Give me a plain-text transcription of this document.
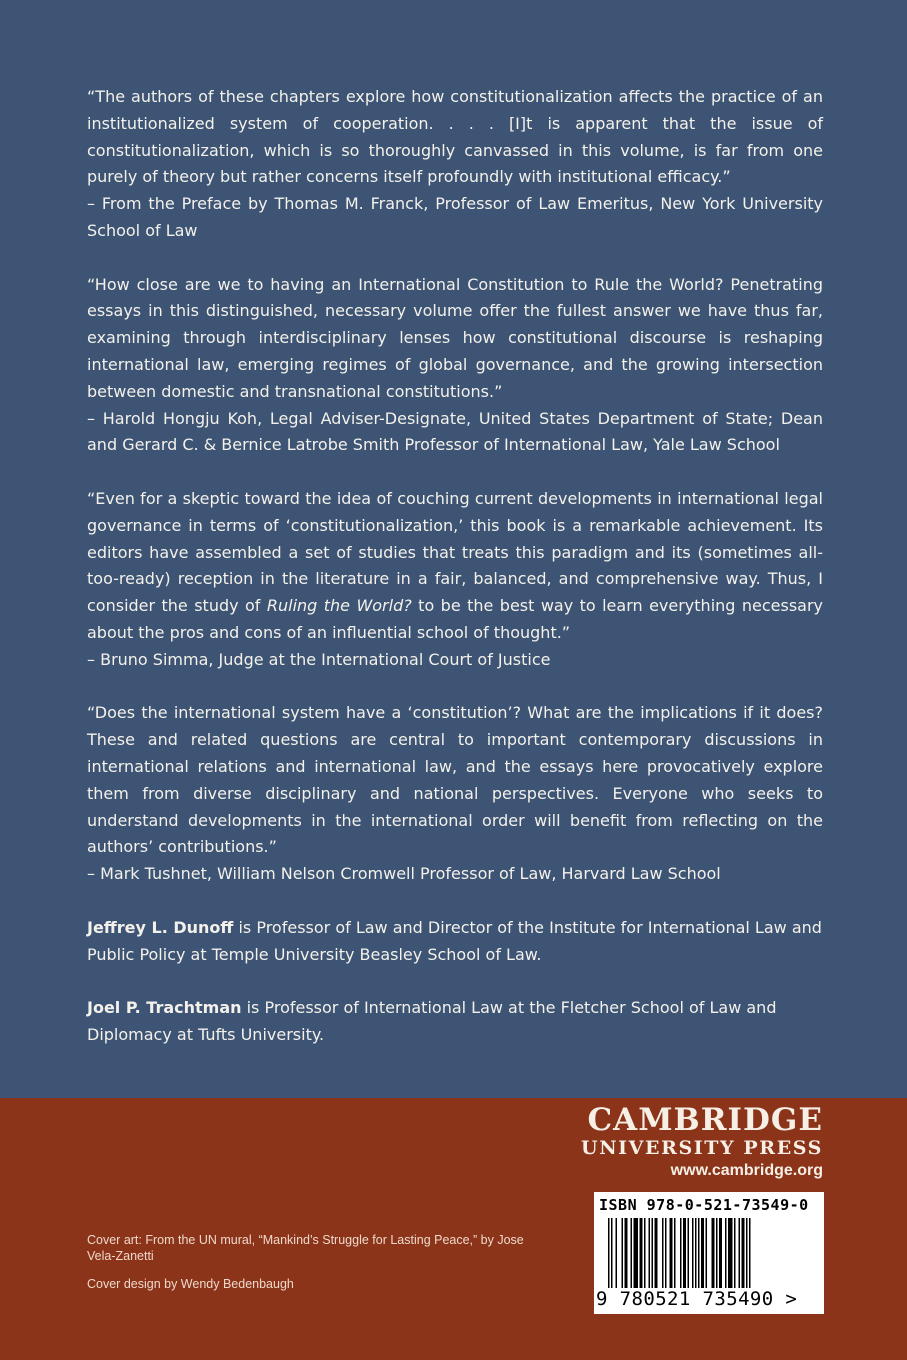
“The authors of these chapters explore how constitutionalization affects the practice of an institutionalized system of cooperation. . . . [I]t is apparent that the issue of constitutionalization, which is so thoroughly canvassed in this volume, is far from one purely of theory but rather concerns itself profoundly with institutional efficacy.”
– From the Preface by Thomas M. Franck, Professor of Law Emeritus, New York University School of Law

“How close are we to having an International Constitution to Rule the World? Penetrating essays in this distinguished, necessary volume offer the fullest answer we have thus far, examining through interdisciplinary lenses how constitutional discourse is reshaping international law, emerging regimes of global governance, and the growing intersection between domestic and transnational constitutions.”
– Harold Hongju Koh, Legal Adviser-Designate, United States Department of State; Dean and Gerard C. & Bernice Latrobe Smith Professor of International Law, Yale Law School

“Even for a skeptic toward the idea of couching current developments in international legal governance in terms of ‘constitutionalization,’ this book is a remarkable achievement. Its editors have assembled a set of studies that treats this paradigm and its (sometimes all-too-ready) reception in the literature in a fair, balanced, and comprehensive way. Thus, I consider the study of Ruling the World? to be the best way to learn everything necessary about the pros and cons of an influential school of thought.”
– Bruno Simma, Judge at the International Court of Justice

“Does the international system have a ‘constitution’? What are the implications if it does? These and related questions are central to important contemporary discussions in international relations and international law, and the essays here provocatively explore them from diverse disciplinary and national perspectives. Everyone who seeks to understand developments in the international order will benefit from reflecting on the authors’ contributions.”
– Mark Tushnet, William Nelson Cromwell Professor of Law, Harvard Law School

Jeffrey L. Dunoff is Professor of Law and Director of the Institute for International Law and Public Policy at Temple University Beasley School of Law.

Joel P. Trachtman is Professor of International Law at the Fletcher School of Law and Diplomacy at Tufts University.

CAMBRIDGE
UNIVERSITY PRESS
www.cambridge.org

Cover art: From the UN mural, “Mankind’s Struggle for Lasting Peace,” by Jose Vela-Zanetti

Cover design by Wendy Bedenbaugh

ISBN 978-0-521-73549-0
9 780521 735490 >
